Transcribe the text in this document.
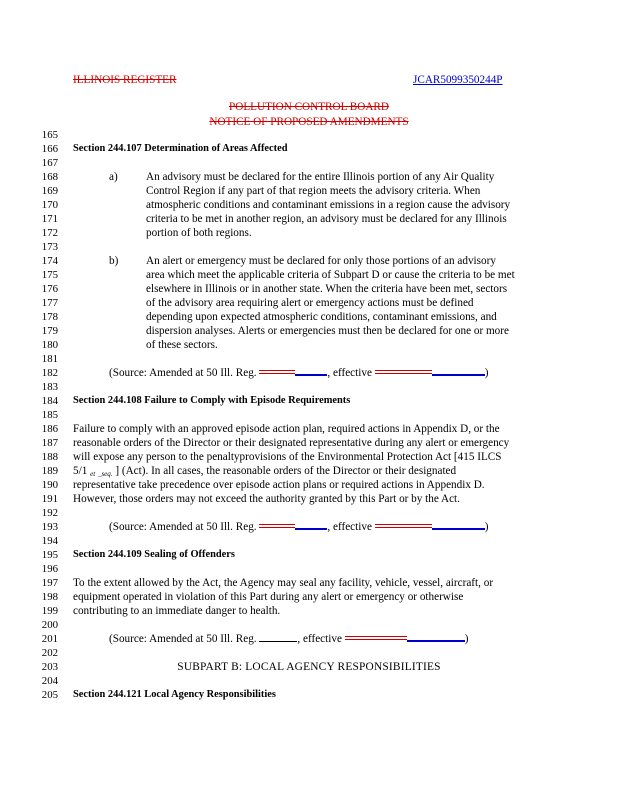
ILLINOIS REGISTER	JCAR5099350244P
POLLUTION CONTROL BOARD
NOTICE OF PROPOSED AMENDMENTS
165
166
167
168
169
170
171
172
173
174
175
176
177
178
179
180
181
182
183
184
185
186
187
188
189
190
191
192
193
194
195
196
197
198
199
200
201
202
203
204
205
Section 244.107 Determination of Areas Affected
a)	An advisory must be declared for the entire Illinois portion of any Air Quality
Control Region if any part of that region meets the advisory criteria. When
atmospheric conditions and contaminant emissions in a region cause the advisory
criteria to be met in another region, an advisory must be declared for any Illinois
portion of both regions.
b) An alert or emergency must be declared for only those portions of an advisory
area which meet the applicable criteria of Subpart D or cause the criteria to be met
elsewhere in Illinois or in another state. When the criteria have been met, sectors
of the advisory area requiring alert or emergency actions must be defined
depending upon expected atmospheric conditions, contaminant emissions, and
dispersion analyses. Alerts or emergencies must then be declared for one or more
of these sectors.
(Source: Amended at 50 Ill. Reg.	, effective	)
Section 244.108 Failure to Comply with Episode Requirements
Failure to comply with an approved episode action plan, required actions in Appendix D, or the
reasonable orders of the Director or their designated representative during any alert or emergency
will expose any person to the penaltyprovisions of the Environmental Protection Act [415 ILCS
5/1 et _seq. ] (Act). In all cases, the reasonable orders of the Director or their designated
representative take precedence over episode action plans or required actions in Appendix D.
However, those orders may not exceed the authority granted by this Part or by the Act.
(Source: Amended at 50 Ill. Reg.	, effective	)
Section 244.109 Sealing of Offenders
To the extent allowed by the Act, the Agency may seal any facility, vehicle, vessel, aircraft, or
equipment operated in violation of this Part during any alert or emergency or otherwise
contributing to an immediate danger to health.
(Source: Amended at 50 Ill. Reg.	, effective	)
SUBPART B: LOCAL AGENCY RESPONSIBILITIES
Section 244.121 Local Agency Responsibilities
